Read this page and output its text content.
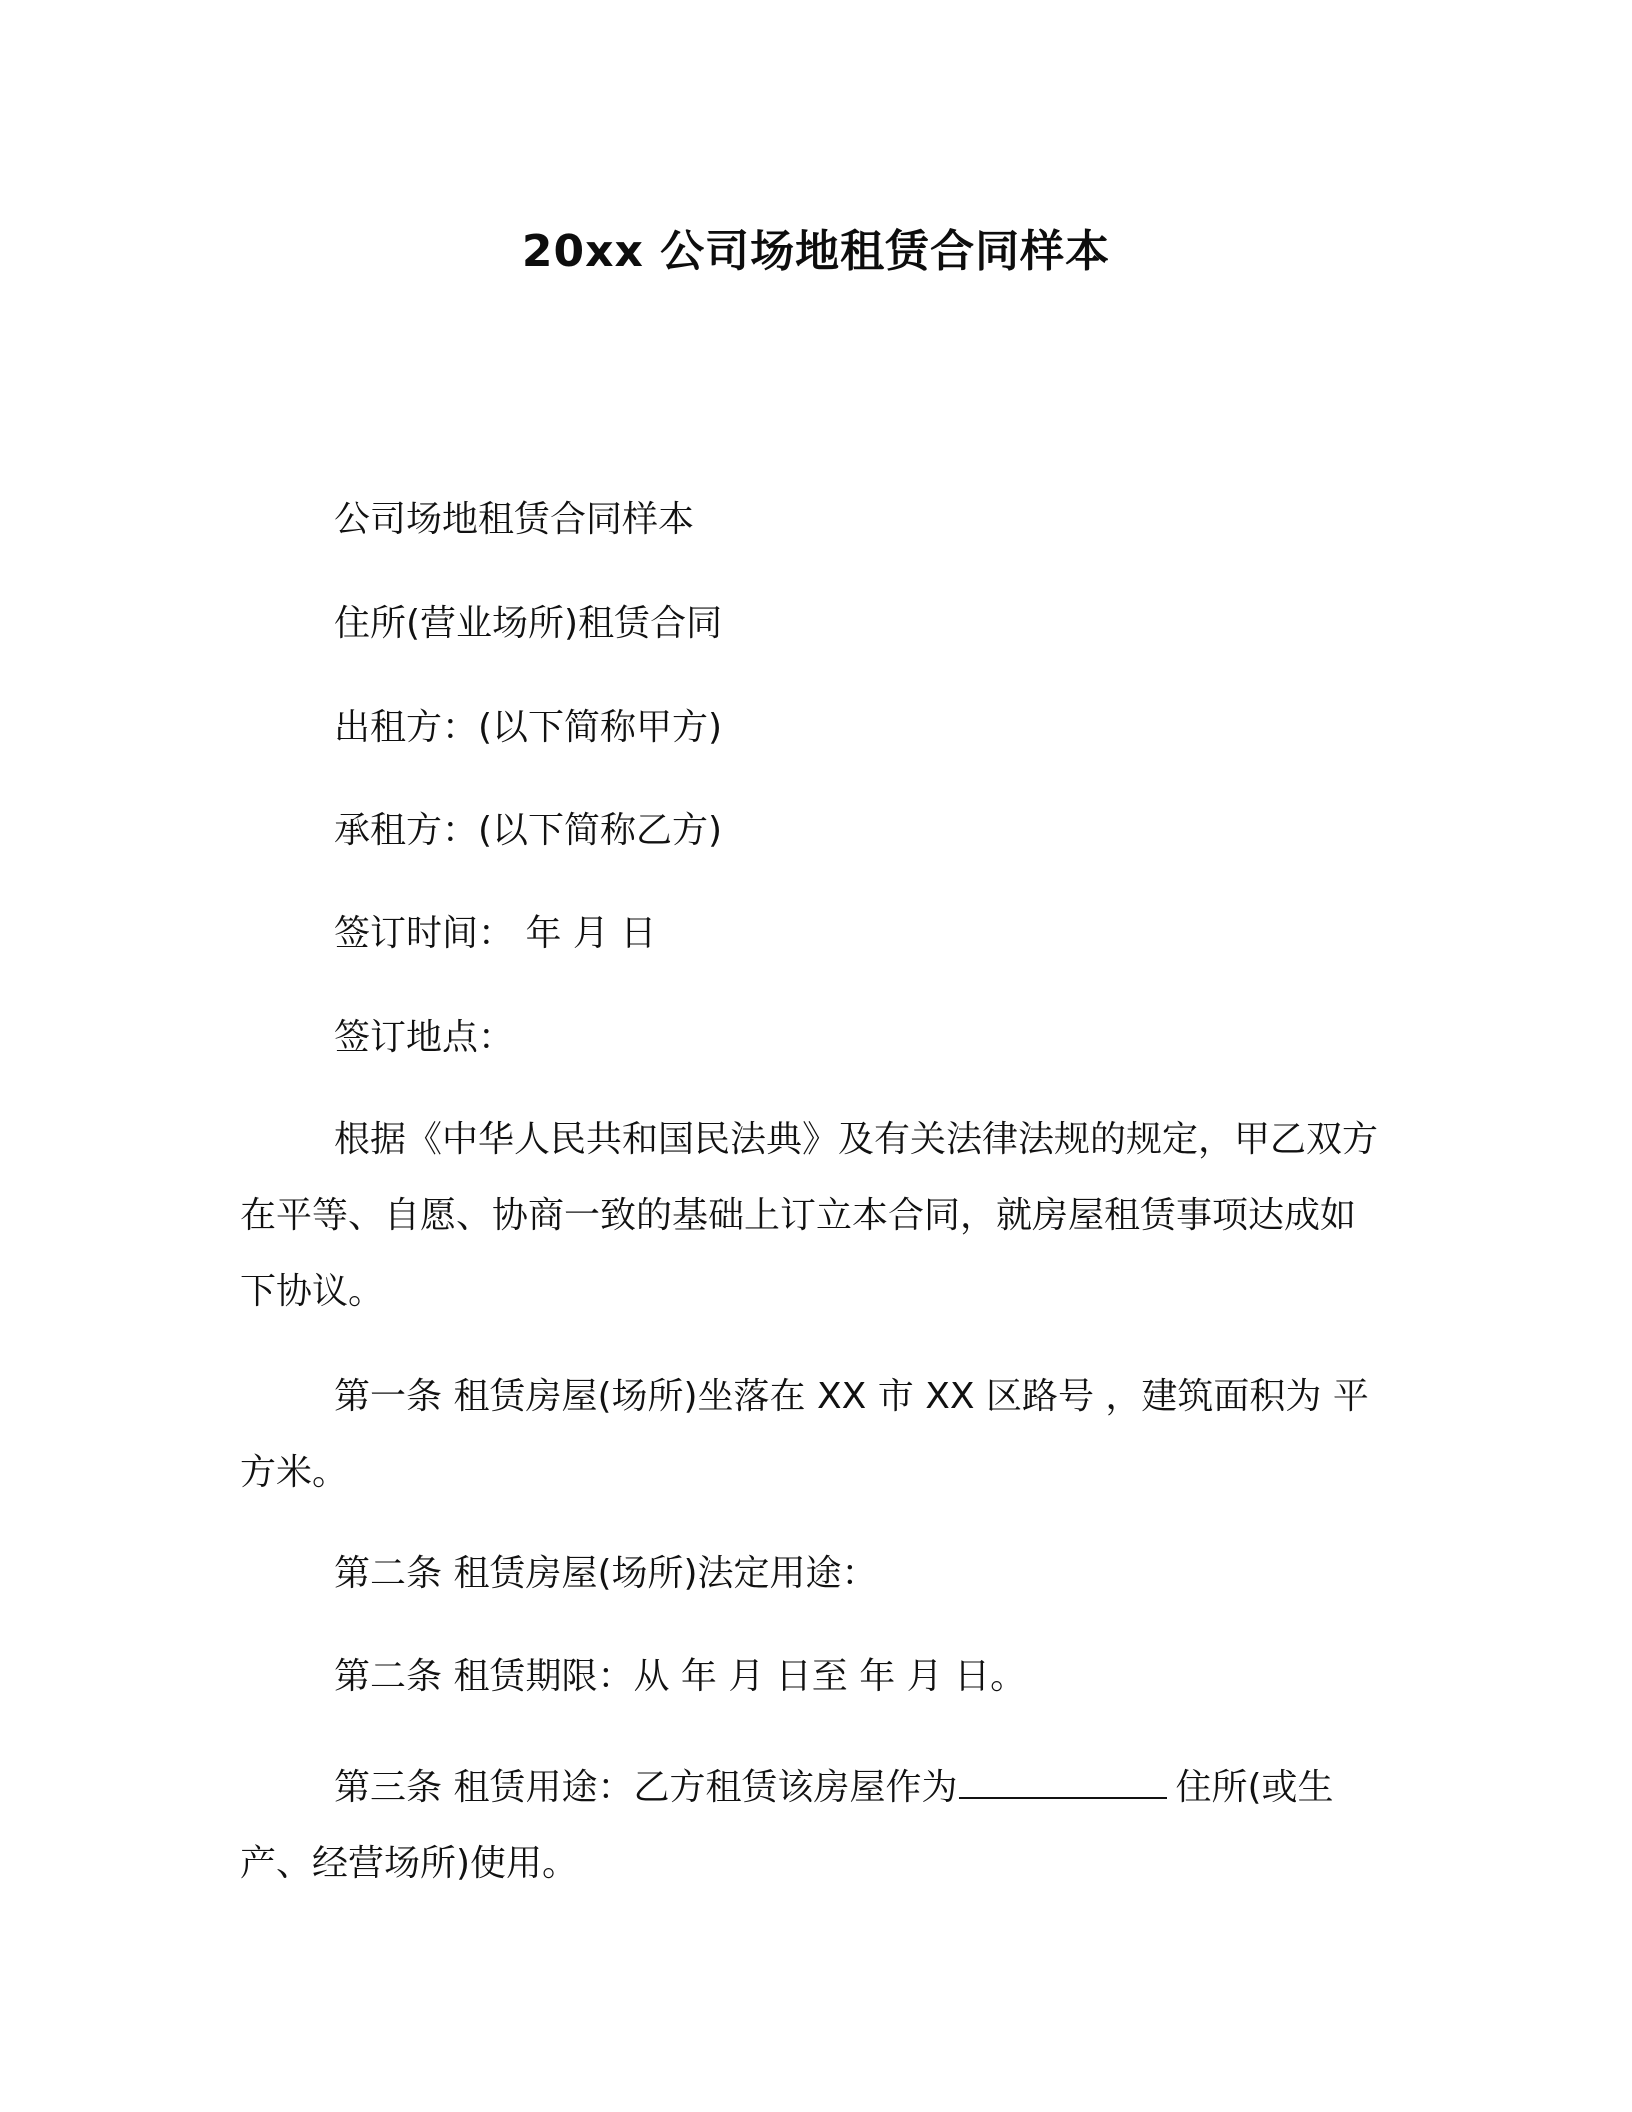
20xx 公司场地租赁合同样本
公司场地租赁合同样本
住所(营业场所)租赁合同
出租方：(以下简称甲方)
承租方：(以下简称乙方)
签订时间： 年 月 日
签订地点：
根据《中华人民共和国民法典》及有关法律法规的规定，甲乙双方在平等、自愿、协商一致的基础上订立本合同，就房屋租赁事项达成如下协议。
第一条 租赁房屋(场所)坐落在 XX 市 XX 区路号 ，建筑面积为 平方米。
第二条 租赁房屋(场所)法定用途：
第二条 租赁期限：从 年 月 日至 年 月 日。
第三条 租赁用途：乙方租赁该房屋作为	住所(或生产、经营场所)使用。
